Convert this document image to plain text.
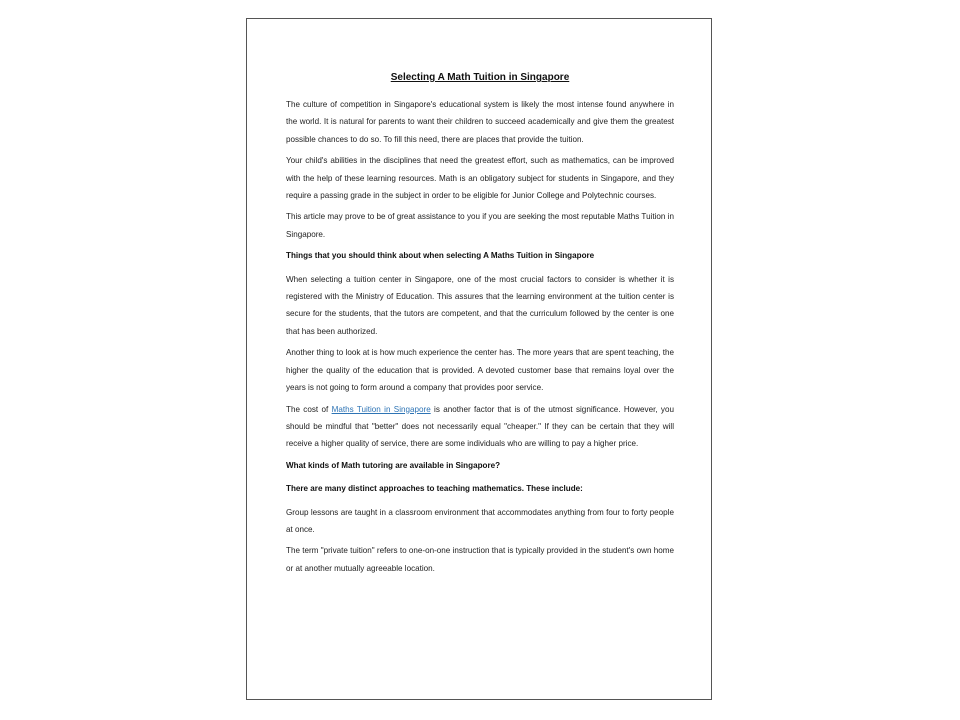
Selecting A Math Tuition in Singapore

The culture of competition in Singapore's educational system is likely the most intense found anywhere in the world. It is natural for parents to want their children to succeed academically and give them the greatest possible chances to do so. To fill this need, there are places that provide the tuition.

Your child's abilities in the disciplines that need the greatest effort, such as mathematics, can be improved with the help of these learning resources. Math is an obligatory subject for students in Singapore, and they require a passing grade in the subject in order to be eligible for Junior College and Polytechnic courses.

This article may prove to be of great assistance to you if you are seeking the most reputable Maths Tuition in Singapore.

Things that you should think about when selecting A Maths Tuition in Singapore

When selecting a tuition center in Singapore, one of the most crucial factors to consider is whether it is registered with the Ministry of Education. This assures that the learning environment at the tuition center is secure for the students, that the tutors are competent, and that the curriculum followed by the center is one that has been authorized.

Another thing to look at is how much experience the center has. The more years that are spent teaching, the higher the quality of the education that is provided. A devoted customer base that remains loyal over the years is not going to form around a company that provides poor service.

The cost of Maths Tuition in Singapore is another factor that is of the utmost significance. However, you should be mindful that "better" does not necessarily equal "cheaper." If they can be certain that they will receive a higher quality of service, there are some individuals who are willing to pay a higher price.

What kinds of Math tutoring are available in Singapore?

There are many distinct approaches to teaching mathematics. These include:

Group lessons are taught in a classroom environment that accommodates anything from four to forty people at once.

The term "private tuition" refers to one-on-one instruction that is typically provided in the student's own home or at another mutually agreeable location.
